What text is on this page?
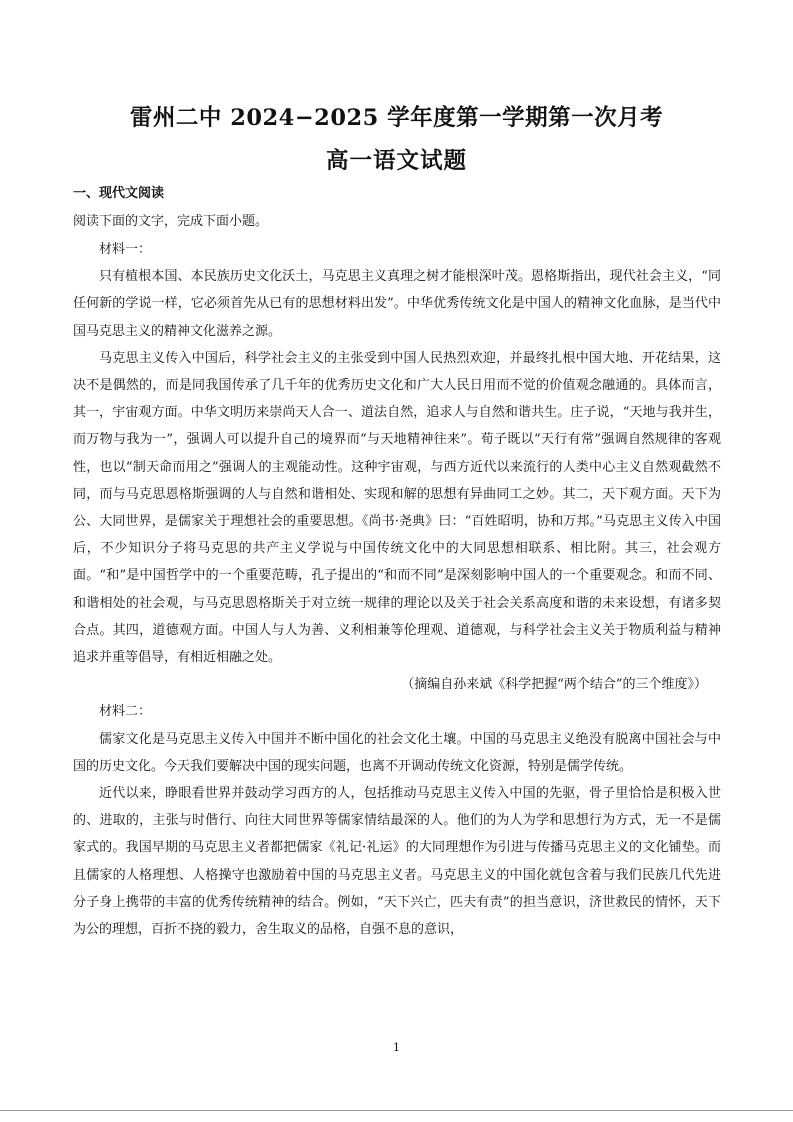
雷州二中 2024−2025 学年度第一学期第一次月考
高一语文试题
一、现代文阅读
阅读下面的文字，完成下面小题。

材料一：

只有植根本国、本民族历史文化沃土，马克思主义真理之树才能根深叶茂。恩格斯指出，现代社会主义，“同任何新的学说一样，它必须首先从已有的思想材料出发”。中华优秀传统文化是中国人的精神文化血脉，是当代中国马克思主义的精神文化滋养之源。

马克思主义传入中国后，科学社会主义的主张受到中国人民热烈欢迎，并最终扎根中国大地、开花结果，这决不是偶然的，而是同我国传承了几千年的优秀历史文化和广大人民日用而不觉的价值观念融通的。具体而言，其一，宇宙观方面。中华文明历来崇尚天人合一、道法自然，追求人与自然和谐共生。庄子说，“天地与我并生，而万物与我为一”，强调人可以提升自己的境界而“与天地精神往来”。荀子既以“天行有常”强调自然规律的客观性，也以“制天命而用之”强调人的主观能动性。这种宇宙观，与西方近代以来流行的人类中心主义自然观截然不同，而与马克思恩格斯强调的人与自然和谐相处、实现和解的思想有异曲同工之妙。其二，天下观方面。天下为公、大同世界，是儒家关于理想社会的重要思想。《尚书·尧典》曰：“百姓昭明，协和万邦。”马克思主义传入中国后，不少知识分子将马克思的共产主义学说与中国传统文化中的大同思想相联系、相比附。其三，社会观方面。“和”是中国哲学中的一个重要范畴，孔子提出的“和而不同”是深刻影响中国人的一个重要观念。和而不同、和谐相处的社会观，与马克思恩格斯关于对立统一规律的理论以及关于社会关系高度和谐的未来设想，有诸多契合点。其四，道德观方面。中国人与人为善、义利相兼等伦理观、道德观，与科学社会主义关于物质利益与精神追求并重等倡导，有相近相融之处。

（摘编自孙来斌《科学把握“两个结合”的三个维度》）

材料二：

儒家文化是马克思主义传入中国并不断中国化的社会文化土壤。中国的马克思主义绝没有脱离中国社会与中国的历史文化。今天我们要解决中国的现实问题，也离不开调动传统文化资源，特别是儒学传统。

近代以来，睁眼看世界并鼓动学习西方的人，包括推动马克思主义传入中国的先驱，骨子里恰恰是积极入世的、进取的，主张与时偕行、向往大同世界等儒家情结最深的人。他们的为人为学和思想行为方式，无一不是儒家式的。我国早期的马克思主义者都把儒家《礼记·礼运》的大同理想作为引进与传播马克思主义的文化铺垫。而且儒家的人格理想、人格操守也激励着中国的马克思主义者。马克思主义的中国化就包含着与我们民族几代先进分子身上携带的丰富的优秀传统精神的结合。例如，“天下兴亡，匹夫有责”的担当意识，济世救民的情怀，天下为公的理想，百折不挠的毅力，舍生取义的品格，自强不息的意识，

1
